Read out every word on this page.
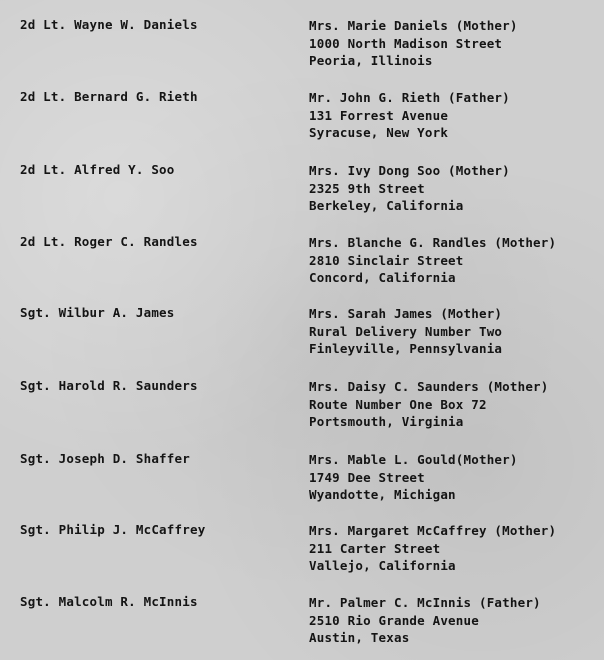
2d Lt. Wayne W. Daniels	Mrs. Marie Daniels (Mother)
1000 North Madison Street
Peoria, Illinois
2d Lt. Bernard G. Rieth	Mr. John G. Rieth (Father)
131 Forrest Avenue
Syracuse, New York
2d Lt. Alfred Y. Soo	Mrs. Ivy Dong Soo (Mother)
2325 9th Street
Berkeley, California
2d Lt. Roger C. Randles	Mrs. Blanche G. Randles (Mother)
2810 Sinclair Street
Concord, California
Sgt. Wilbur A. James	Mrs. Sarah James (Mother)
Rural Delivery Number Two
Finleyville, Pennsylvania
Sgt. Harold R. Saunders	Mrs. Daisy C. Saunders (Mother)
Route Number One Box 72
Portsmouth, Virginia
Sgt. Joseph D. Shaffer	Mrs. Mable L. Gould(Mother)
1749 Dee Street
Wyandotte, Michigan
Sgt. Philip J. McCaffrey	Mrs. Margaret McCaffrey (Mother)
211 Carter Street
Vallejo, California
Sgt. Malcolm R. McInnis	Mr. Palmer C. McInnis (Father)
2510 Rio Grande Avenue
Austin, Texas
